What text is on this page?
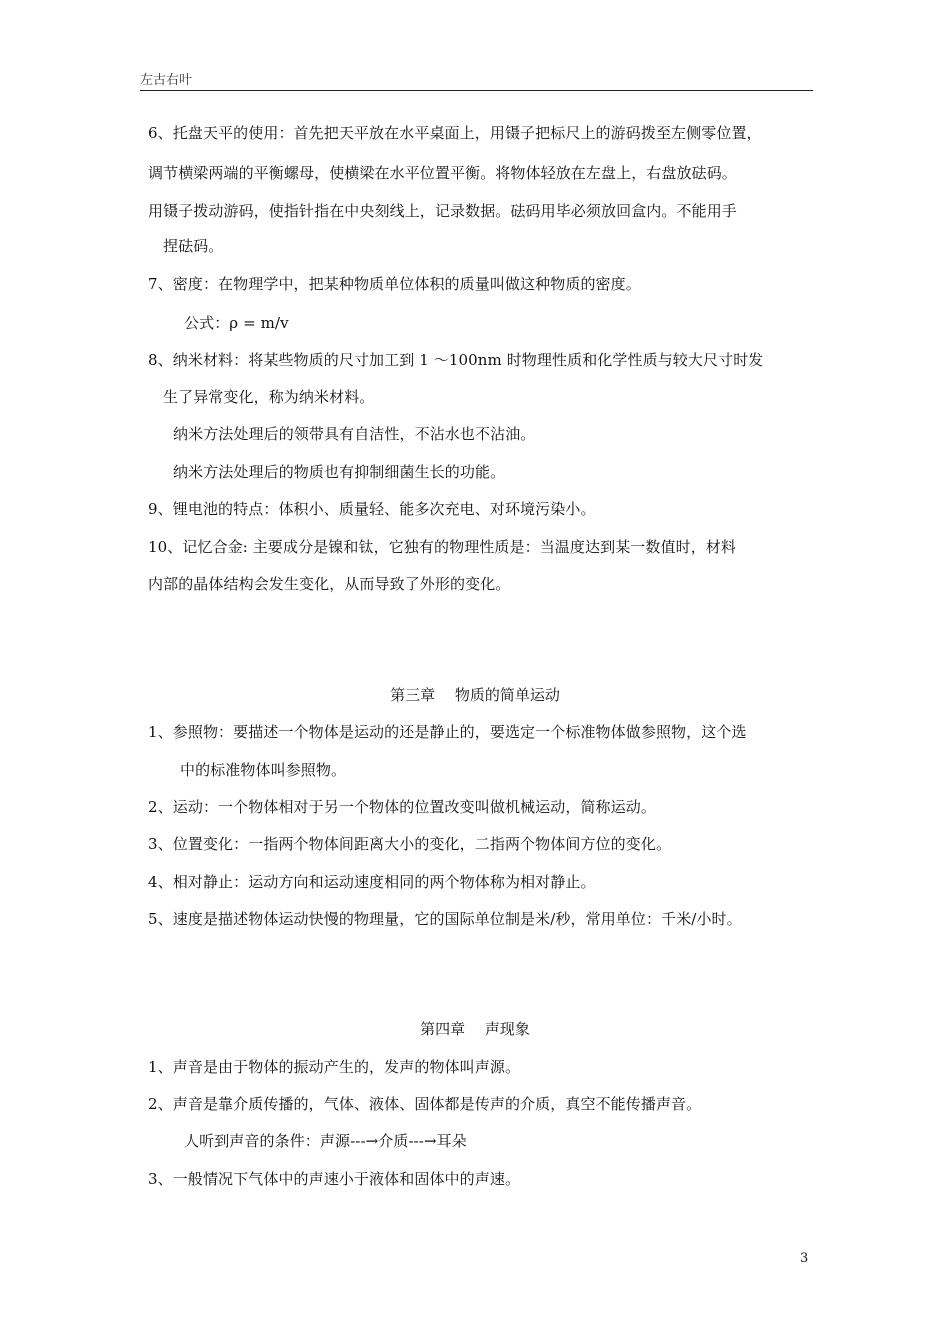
左古右叶
6、托盘天平的使用：首先把天平放在水平桌面上，用镊子把标尺上的游码拨至左侧零位置，
调节横梁两端的平衡螺母，使横梁在水平位置平衡。将物体轻放在左盘上，右盘放砝码。
用镊子拨动游码，使指针指在中央刻线上，记录数据。砝码用毕必须放回盒内。不能用手
捏砝码。
7、密度：在物理学中，把某种物质单位体积的质量叫做这种物质的密度。
公式：ρ = m/v
8、纳米材料：将某些物质的尺寸加工到 1 ～100nm 时物理性质和化学性质与较大尺寸时发
生了异常变化，称为纳米材料。
纳米方法处理后的领带具有自洁性，不沾水也不沾油。
纳米方法处理后的物质也有抑制细菌生长的功能。
9、锂电池的特点：体积小、质量轻、能多次充电、对环境污染小。
10、记忆合金: 主要成分是镍和钛，它独有的物理性质是：当温度达到某一数值时，材料
内部的晶体结构会发生变化，从而导致了外形的变化。
第三章　 物质的简单运动
1、参照物：要描述一个物体是运动的还是静止的，要选定一个标准物体做参照物，这个选
中的标准物体叫参照物。
2、运动：一个物体相对于另一个物体的位置改变叫做机械运动，简称运动。
3、位置变化：一指两个物体间距离大小的变化，二指两个物体间方位的变化。
4、相对静止：运动方向和运动速度相同的两个物体称为相对静止。
5、速度是描述物体运动快慢的物理量，它的国际单位制是米/秒，常用单位：千米/小时。
第四章　 声现象
1、声音是由于物体的振动产生的，发声的物体叫声源。
2、声音是靠介质传播的，气体、液体、固体都是传声的介质，真空不能传播声音。
人听到声音的条件：声源---→介质---→耳朵
3、一般情况下气体中的声速小于液体和固体中的声速。
3
